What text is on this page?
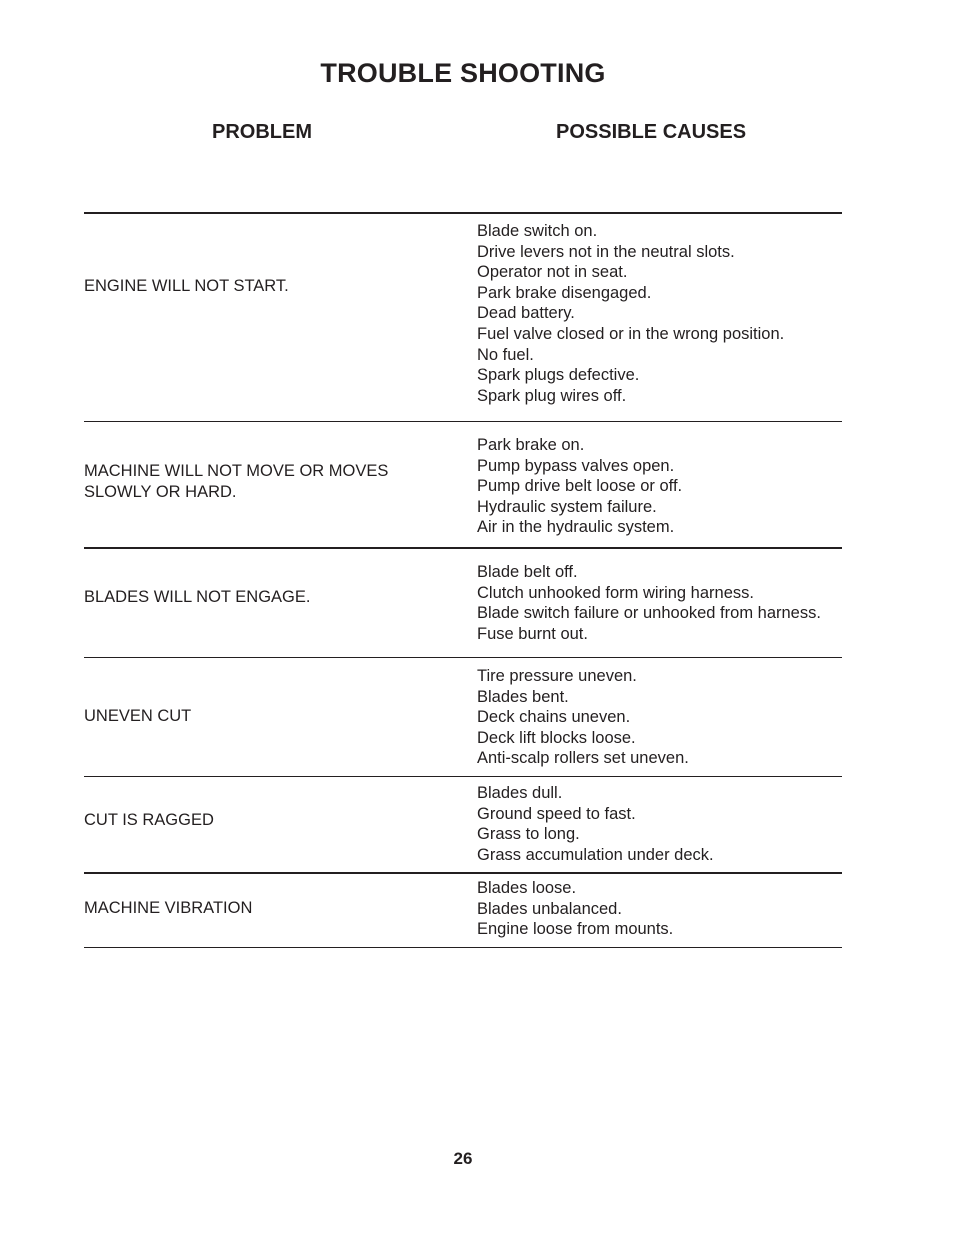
TROUBLE SHOOTING
PROBLEM	POSSIBLE CAUSES
ENGINE WILL NOT START.
Blade switch on.
Drive levers not in the neutral slots.
Operator not in seat.
Park brake disengaged.
Dead battery.
Fuel valve closed or in the wrong position.
No fuel.
Spark plugs defective.
Spark plug wires off.
MACHINE WILL NOT MOVE OR MOVES
SLOWLY OR HARD.
Park brake on.
Pump bypass valves open.
Pump drive belt loose or off.
Hydraulic system failure.
Air in the hydraulic system.
BLADES WILL NOT ENGAGE.
Blade belt off.
Clutch unhooked form wiring harness.
Blade switch failure or unhooked from harness.
Fuse burnt out.
UNEVEN CUT
Tire pressure uneven.
Blades bent.
Deck chains uneven.
Deck lift blocks loose.
Anti-scalp rollers set uneven.
CUT IS RAGGED
Blades dull.
Ground speed to fast.
Grass to long.
Grass accumulation under deck.
MACHINE VIBRATION
Blades loose.
Blades unbalanced.
Engine loose from mounts.
26
